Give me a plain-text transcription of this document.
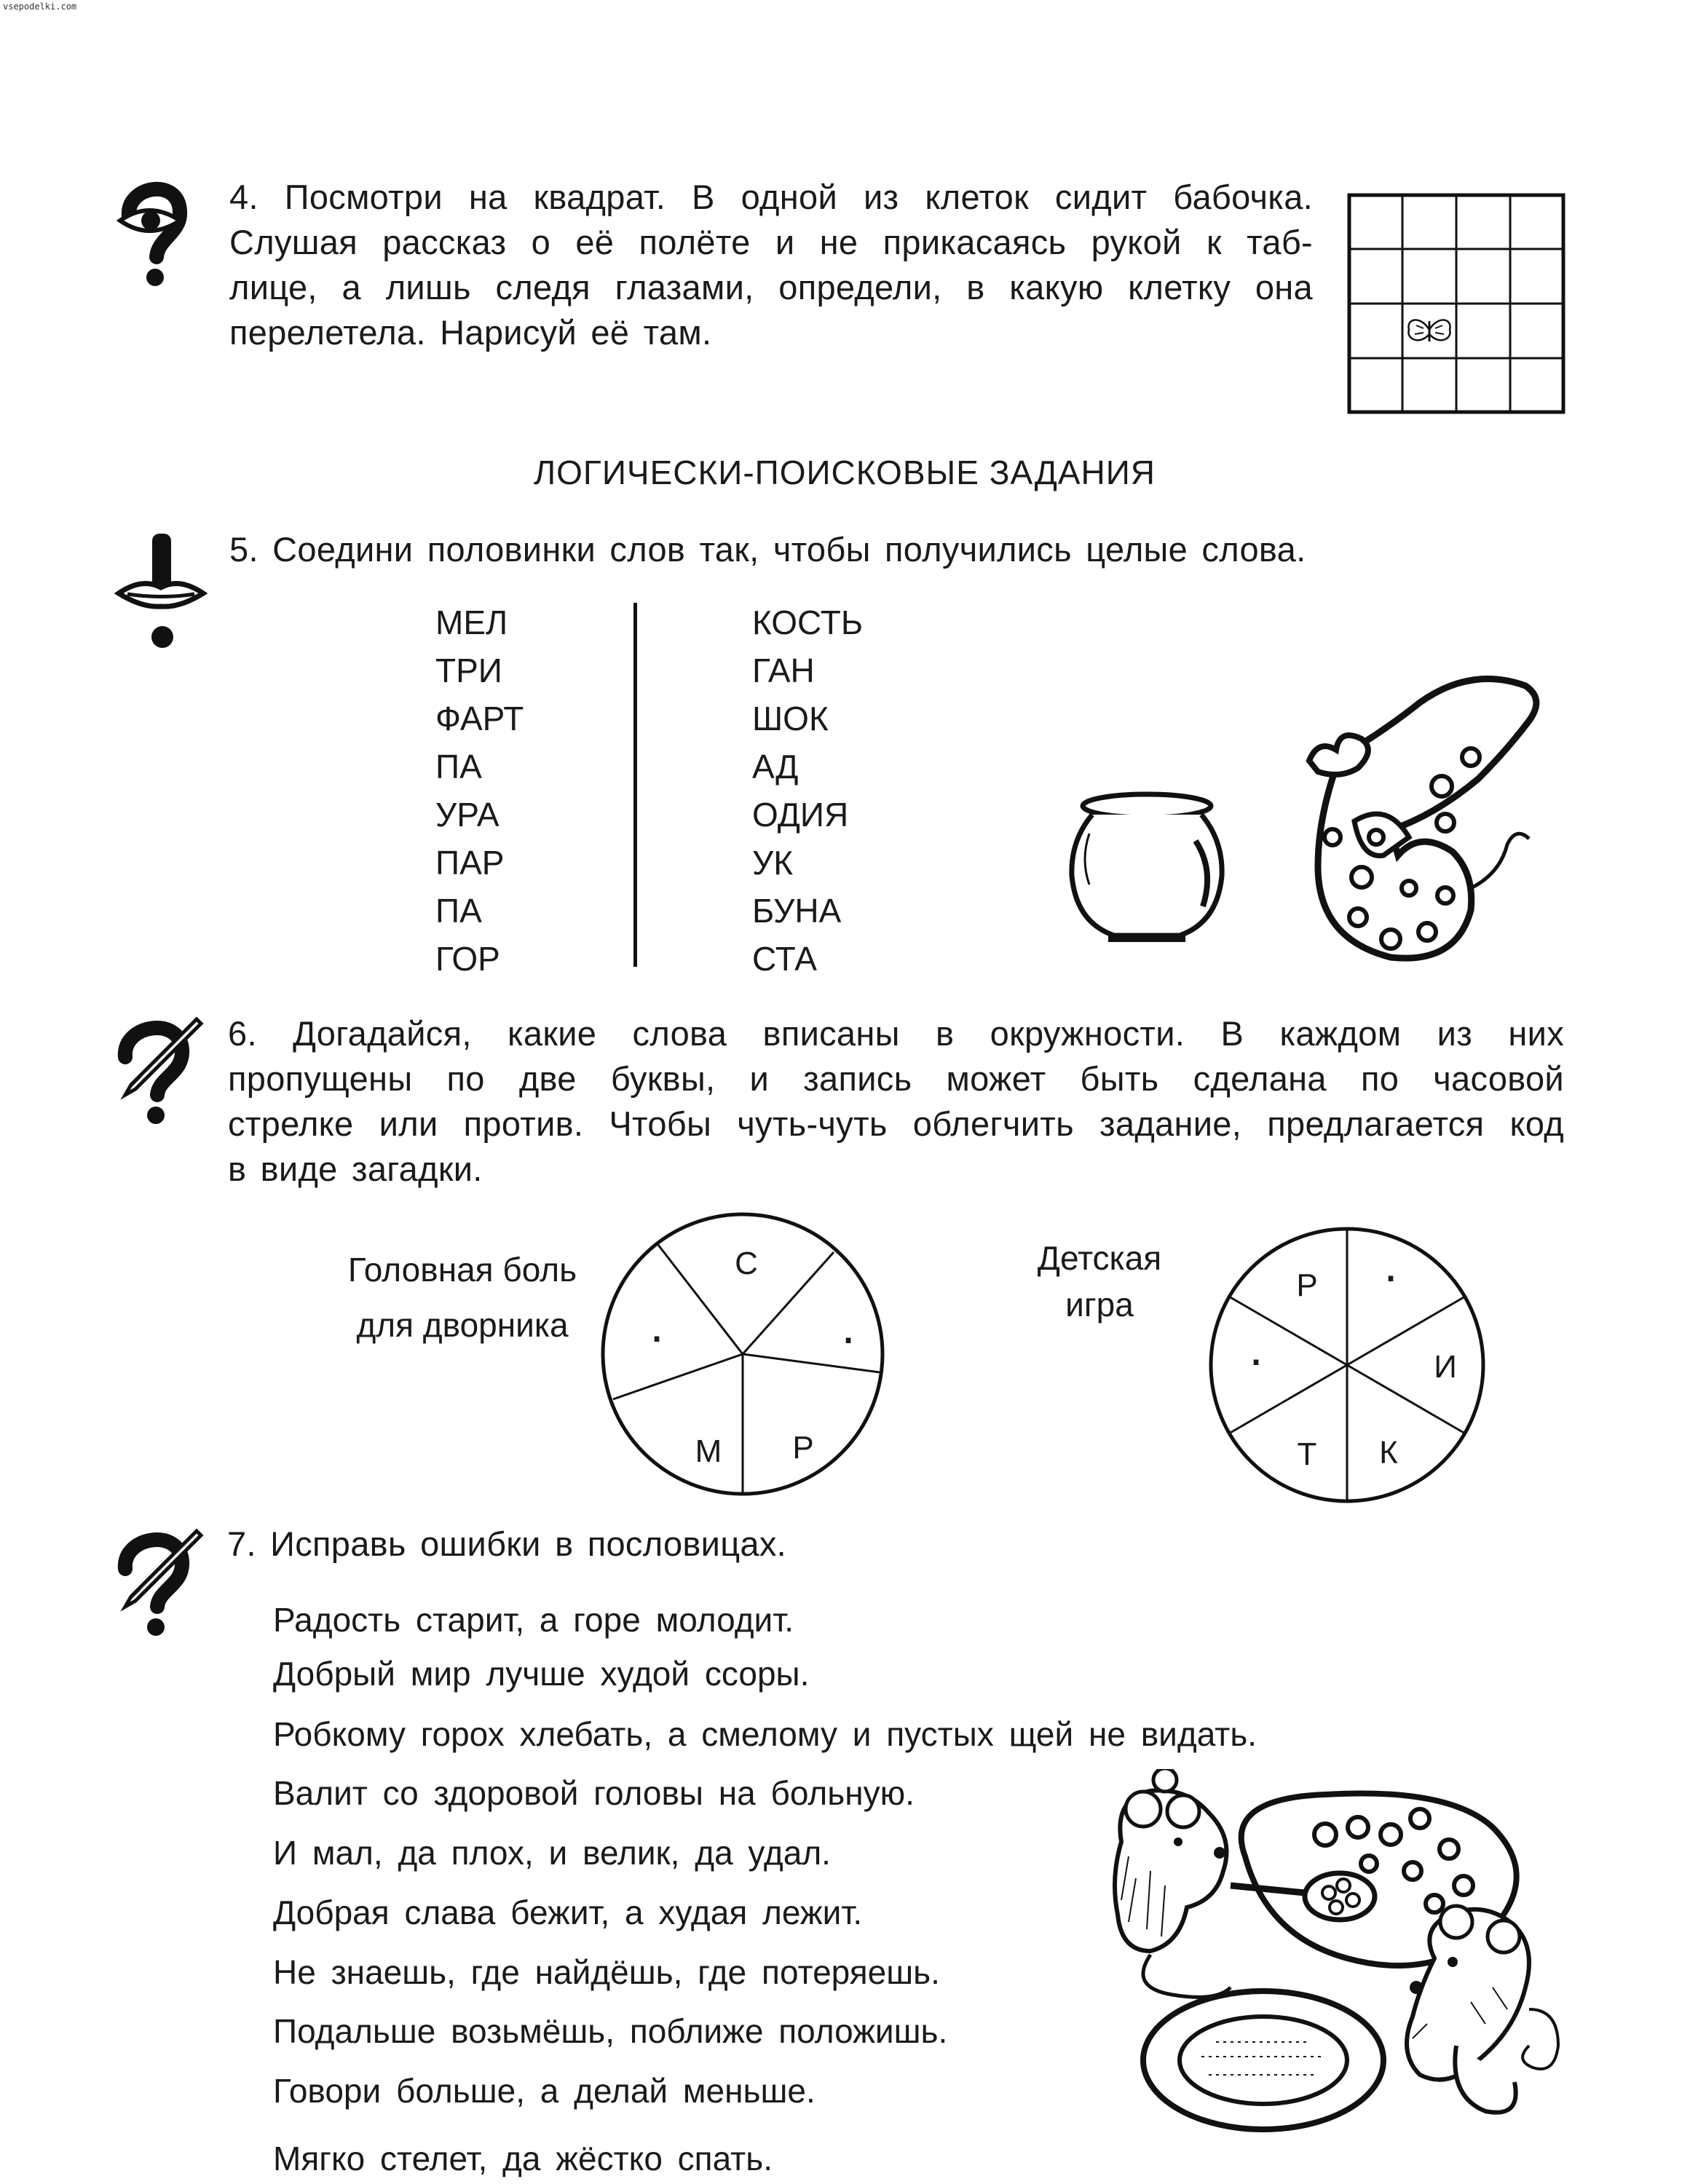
vsepodelki.com
4. Посмотри на квадрат. В одной из клеток сидит бабочка.
Слушая рассказ о её полёте и не прикасаясь рукой к таб-
лице, а лишь следя глазами, определи, в какую клетку она
перелетела. Нарисуй её там.
ЛОГИЧЕСКИ-ПОИСКОВЫЕ ЗАДАНИЯ
5. Соедини половинки слов так, чтобы получились целые слова.
МЕЛ
ТРИ
ФАРТ
ПА
УРА
ПАР
ПА
ГОР
КОСТЬ
ГАН
ШОК
АД
ОДИЯ
УК
БУНА
СТА
6. Догадайся, какие слова вписаны в окружности. В каждом из них
пропущены по две буквы, и запись может быть сделана по часовой
стрелке или против. Чтобы чуть-чуть облегчить задание, предлагается код
в виде загадки.
Головная боль
для дворника
С
·
Р
М
·
Детская
игра
·
И
К
Т
·
Р
7. Исправь ошибки в пословицах.
Радость старит, а горе молодит.
Добрый мир лучше худой ссоры.
Робкому горох хлебать, а смелому и пустых щей не видать.
Валит со здоровой головы на больную.
И мал, да плох, и велик, да удал.
Добрая слава бежит, а худая лежит.
Не знаешь, где найдёшь, где потеряешь.
Подальше возьмёшь, поближе положишь.
Говори больше, а делай меньше.
Мягко стелет, да жёстко спать.
